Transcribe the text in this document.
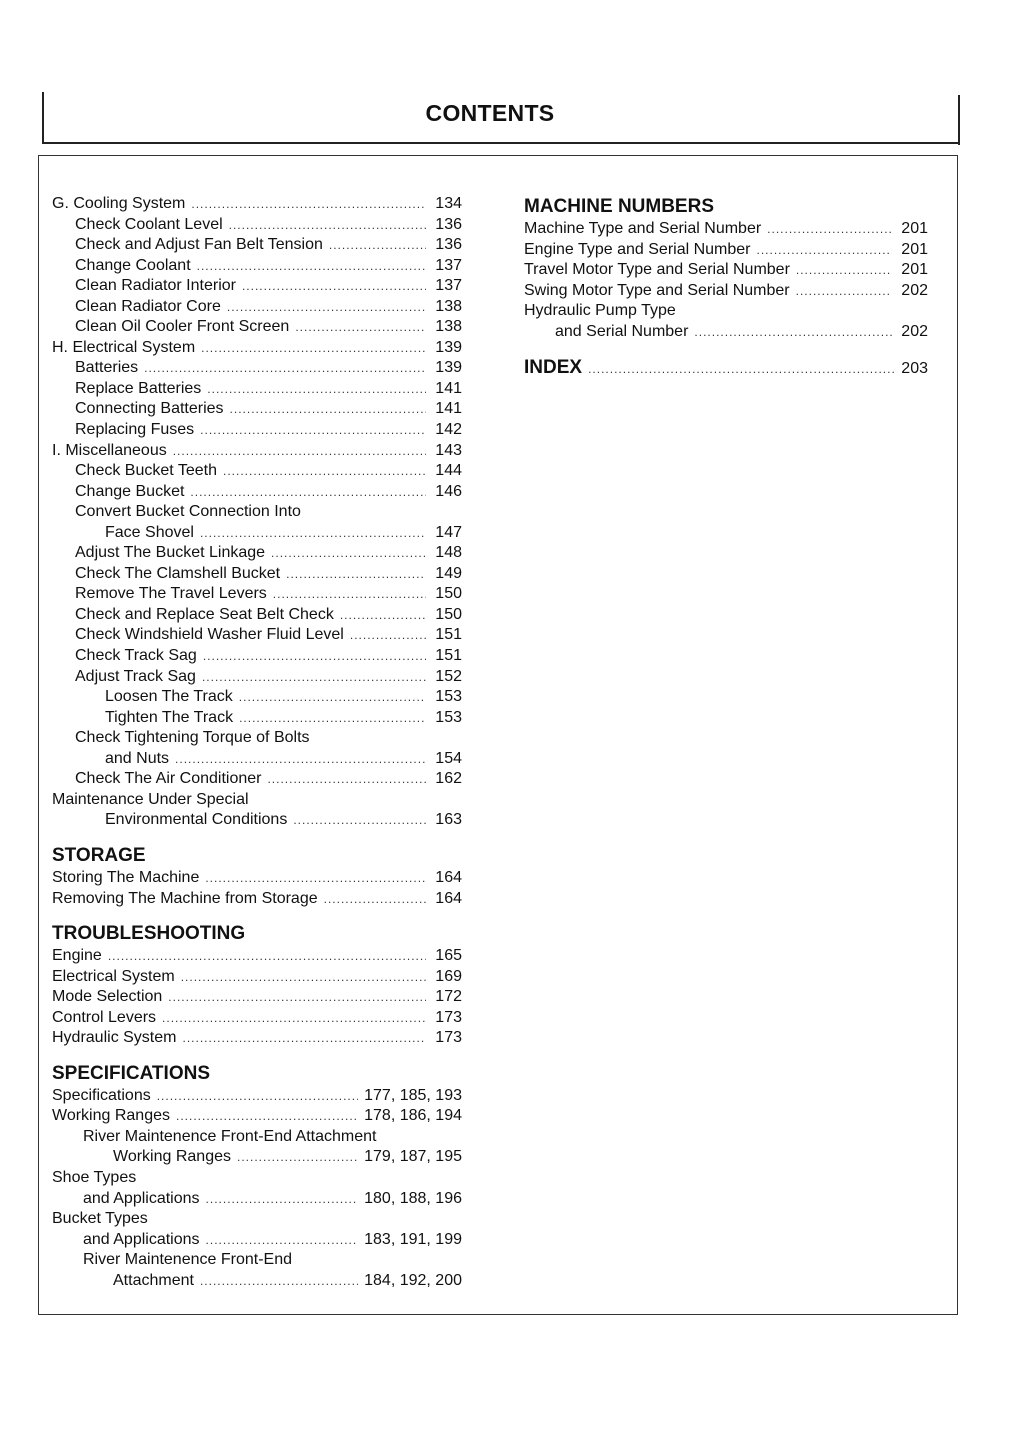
CONTENTS
G. Cooling System .....	134
Check Coolant Level .....	136
Check and Adjust Fan Belt Tension .....	136
Change Coolant .....	137
Clean Radiator Interior .....	137
Clean Radiator Core .....	138
Clean Oil Cooler Front Screen .....	138
H. Electrical System .....	139
Batteries .....	139
Replace Batteries .....	141
Connecting Batteries .....	141
Replacing Fuses .....	142
I. Miscellaneous .....	143
Check Bucket Teeth .....	144
Change Bucket .....	146
Convert Bucket Connection Into
Face Shovel .....	147
Adjust The Bucket Linkage .....	148
Check The Clamshell Bucket .....	149
Remove The Travel Levers .....	150
Check and Replace Seat Belt Check .....	150
Check Windshield Washer Fluid Level .....	151
Check Track Sag .....	151
Adjust Track Sag .....	152
Loosen The Track .....	153
Tighten The Track .....	153
Check Tightening Torque of Bolts
and Nuts .....	154
Check The Air Conditioner .....	162
Maintenance Under Special
Environmental Conditions .....	163
STORAGE
Storing The Machine .....	164
Removing The Machine from Storage .....	164
TROUBLESHOOTING
Engine .....	165
Electrical System .....	169
Mode Selection .....	172
Control Levers .....	173
Hydraulic System .....	173
SPECIFICATIONS
Specifications .....	177, 185, 193
Working Ranges .....	178, 186, 194
River Maintenence Front-End Attachment
Working Ranges .....	179, 187, 195
Shoe Types
and Applications .....	180, 188, 196
Bucket Types
and Applications .....	183, 191, 199
River Maintenence Front-End
Attachment .....	184, 192, 200
MACHINE NUMBERS
Machine Type and Serial Number .....	201
Engine Type and Serial Number .....	201
Travel Motor Type and Serial Number .....	201
Swing Motor Type and Serial Number .....	202
Hydraulic Pump Type
and Serial Number .....	202
INDEX .....	203
